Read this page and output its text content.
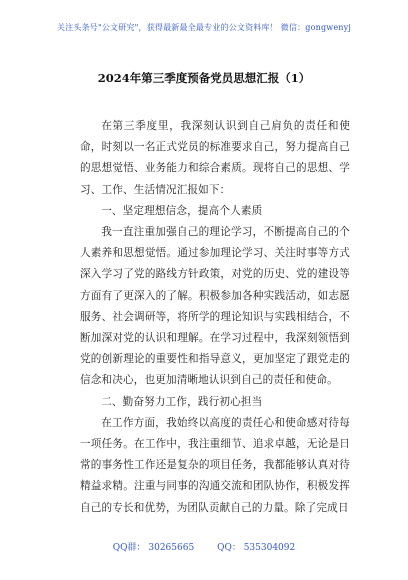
关注头条号"公文研究"，获得最新最全最专业的公文资料库！ 微信：gongwenyj
2024年第三季度预备党员思想汇报（1）

在第三季度里，我深刻认识到自己肩负的责任和使命，时刻以一名正式党员的标准要求自己，努力提高自己的思想觉悟、业务能力和综合素质。现将自己的思想、学习、工作、生活情况汇报如下：

一、坚定理想信念，提高个人素质

我一直注重加强自己的理论学习，不断提高自己的个人素养和思想觉悟。通过参加理论学习、关注时事等方式深入学习了党的路线方针政策，对党的历史、党的建设等方面有了更深入的了解。积极参加各种实践活动，如志愿服务、社会调研等，将所学的理论知识与实践相结合，不断加深对党的认识和理解。在学习过程中，我深刻领悟到党的创新理论的重要性和指导意义，更加坚定了跟党走的信念和决心，也更加清晰地认识到自己的责任和使命。

二、勤奋努力工作，践行初心担当

在工作方面，我始终以高度的责任心和使命感对待每一项任务。在工作中，我注重细节、追求卓越，无论是日常的事务性工作还是复杂的项目任务，我都能够认真对待精益求精。注重与同事的沟通交流和团队协作，积极发挥自己的专长和优势，为团队贡献自己的力量。除了完成日

QQ群： 30265665	QQ： 535304092
